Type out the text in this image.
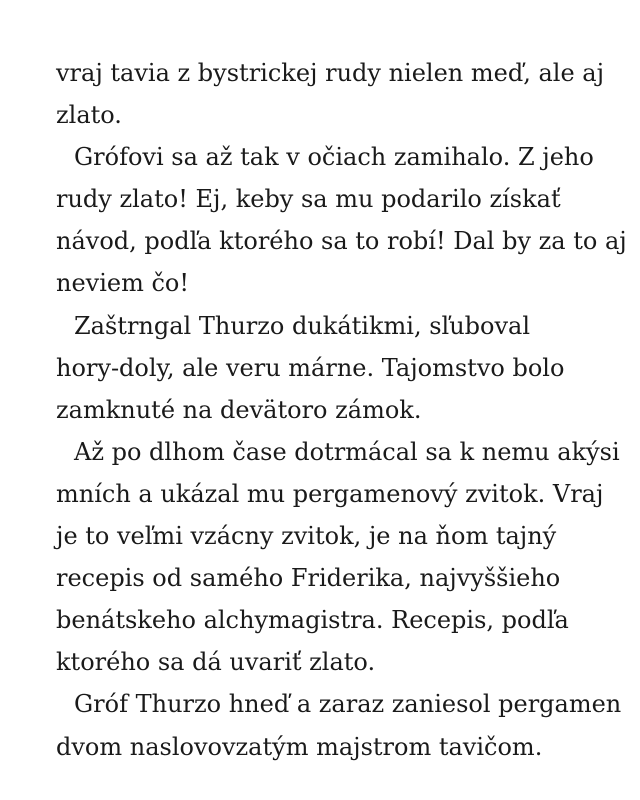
vraj tavia z bystrickej rudy nielen meď, ale aj
zlato.
Grófovi sa až tak v očiach zamihalo. Z jeho
rudy zlato! Ej, keby sa mu podarilo získať
návod, podľa ktorého sa to robí! Dal by za to aj
neviem čo!
Zaštrngal Thurzo dukátikmi, sľuboval
hory-doly, ale veru márne. Tajomstvo bolo
zamknuté na devätoro zámok.
Až po dlhom čase dotrmácal sa k nemu akýsi
mních a ukázal mu pergamenový zvitok. Vraj
je to veľmi vzácny zvitok, je na ňom tajný
recepis od samého Friderika, najvyššieho
benátskeho alchymagistra. Recepis, podľa
ktorého sa dá uvariť zlato.
Gróf Thurzo hneď a zaraz zaniesol pergamen
dvom naslovovzatým majstrom tavičom.
